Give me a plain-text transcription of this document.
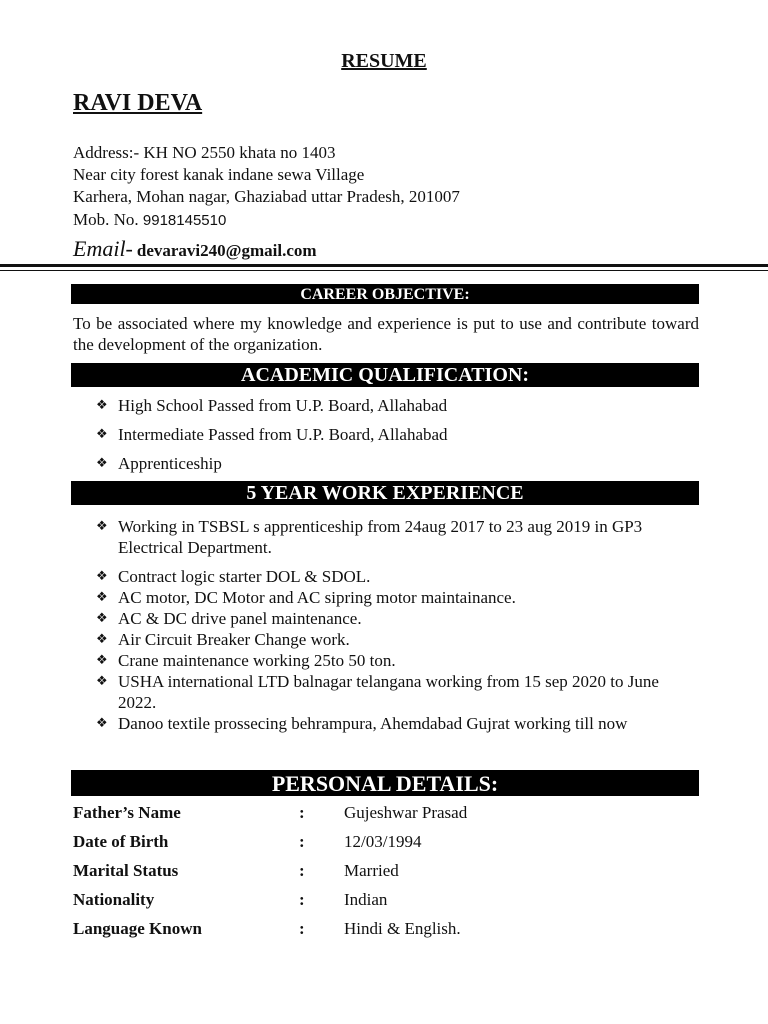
RESUME
RAVI DEVA
Address:- KH NO 2550 khata no 1403
Near city forest kanak indane sewa Village
Karhera, Mohan nagar, Ghaziabad uttar Pradesh, 201007
Mob. No. 9918145510
Email- devaravi240@gmail.com
CAREER OBJECTIVE:
To be associated where my knowledge and experience is put to use and contribute toward the development of the organization.
ACADEMIC QUALIFICATION:
❖ High School Passed from U.P. Board, Allahabad
❖ Intermediate Passed from U.P. Board, Allahabad
❖ Apprenticeship
5 YEAR WORK EXPERIENCE
❖ Working in TSBSL s apprenticeship from 24aug 2017 to 23 aug 2019 in GP3 Electrical Department.
❖ Contract logic starter DOL & SDOL.
❖ AC motor, DC Motor and AC sipring motor maintainance.
❖ AC & DC drive panel maintenance.
❖ Air Circuit Breaker Change work.
❖ Crane maintenance working 25to 50 ton.
❖ USHA international LTD balnagar telangana working from 15 sep 2020 to June 2022.
❖ Danoo textile prossecing behrampura, Ahemdabad Gujrat working till now
PERSONAL DETAILS:
Father’s Name	: Gujeshwar Prasad
Date of Birth	: 12/03/1994
Marital Status	: Married
Nationality	: Indian
Language Known	: Hindi & English.
